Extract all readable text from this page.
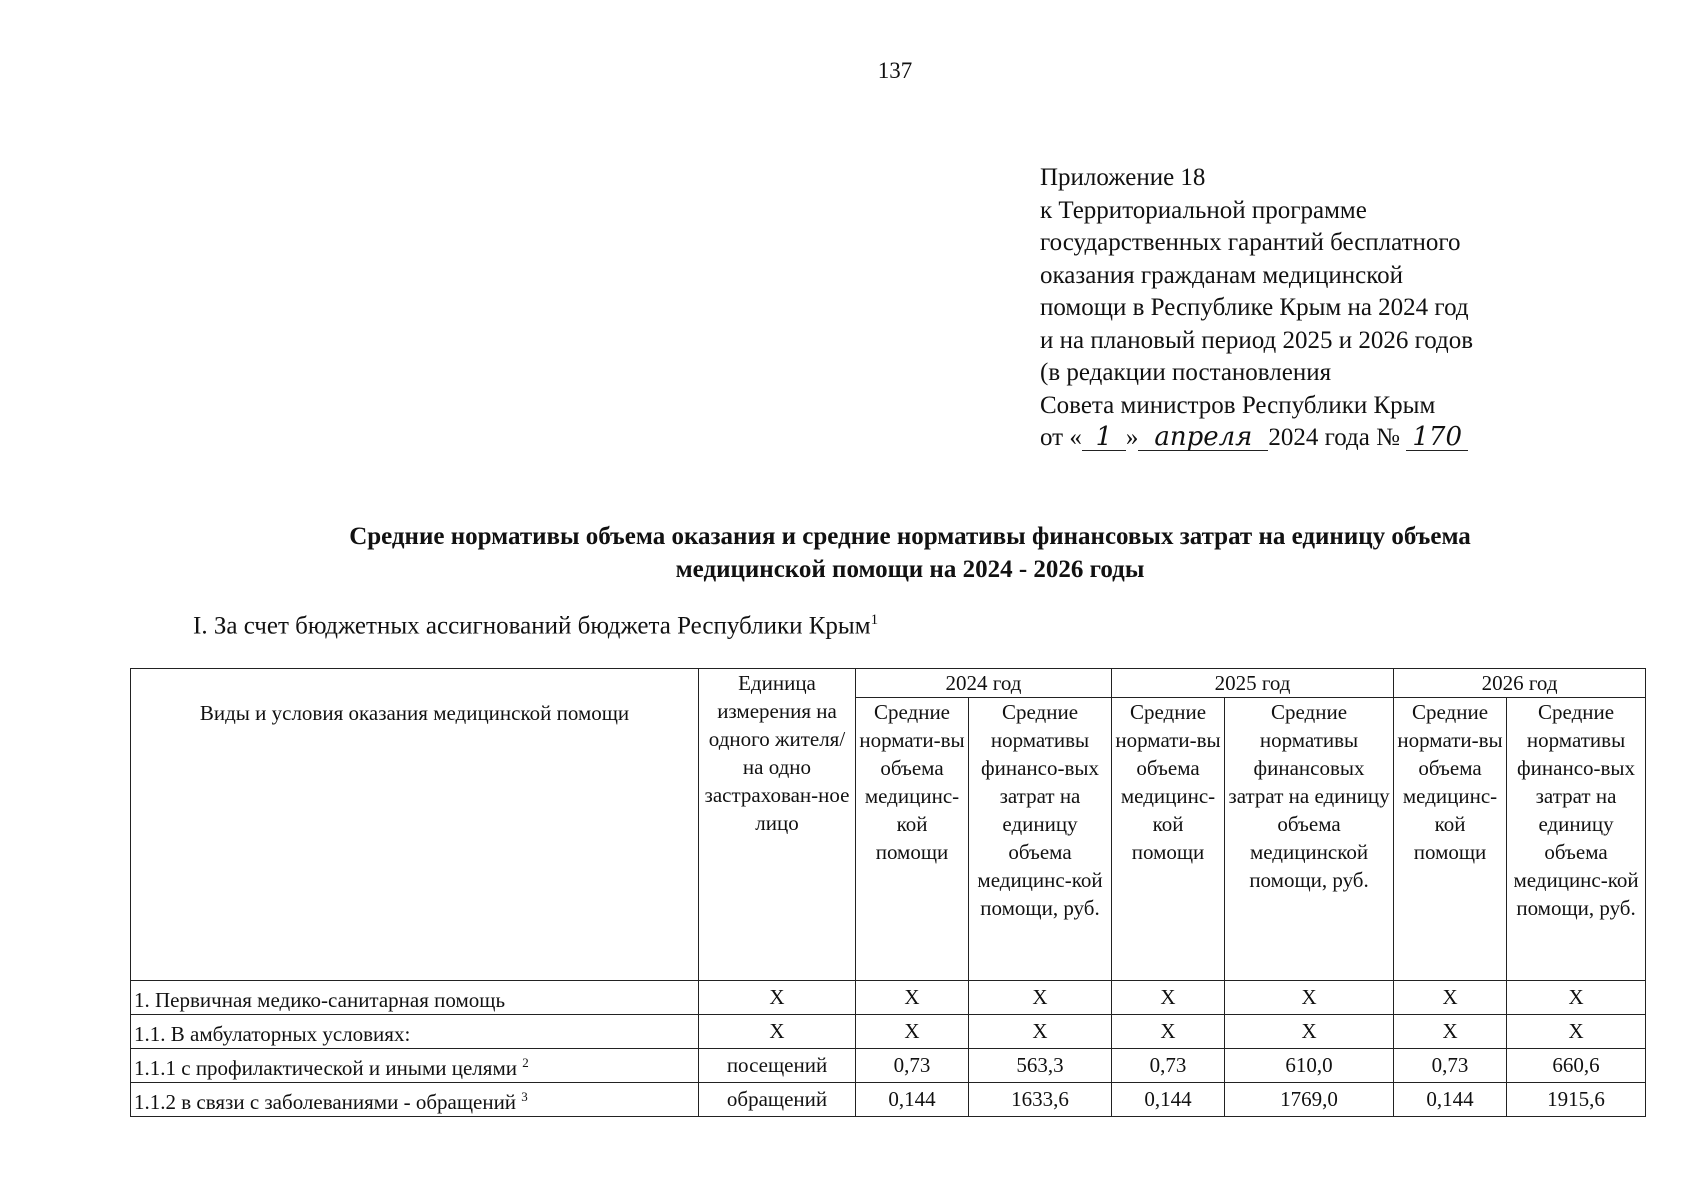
137
Приложение 18
к Территориальной программе
государственных гарантий бесплатного
оказания гражданам медицинской
помощи в Республике Крым на 2024 год
и на плановый период 2025 и 2026 годов
(в редакции постановления
Совета министров Республики Крым
от « 1 » апреля 2024 года № 170
Средние нормативы объема оказания и средние нормативы финансовых затрат на единицу объема
медицинской помощи на 2024 - 2026 годы
I. За счет бюджетных ассигнований бюджета Республики Крым$^1$
Виды и условия оказания медицинской помощи	Единица измерения на одного жителя/ на одно застрахован-ное лицо	2024 год		2025 год		2026 год	
		Средние нормати-вы объема медицинс-кой помощи	Средние нормативы финансо-вых затрат на единицу объема медицинс-кой помощи, руб.	Средние нормати-вы объема медицинс-кой помощи	Средние нормативы финансовых затрат на единицу объема медицинской помощи, руб.	Средние нормати-вы объема медицинс-кой помощи	Средние нормативы финансо-вых затрат на единицу объема медицинс-кой помощи, руб.
1. Первичная медико-санитарная помощь	Х	Х	Х	Х	Х	Х	Х
1.1. В амбулаторных условиях:	Х	Х	Х	Х	Х	Х	Х
1.1.1 с профилактической и иными целями $^2$	посещений	0,73	563,3	0,73	610,0	0,73	660,6
1.1.2 в связи с заболеваниями - обращений $^3$	обращений	0,144	1633,6	0,144	1769,0	0,144	1915,6
